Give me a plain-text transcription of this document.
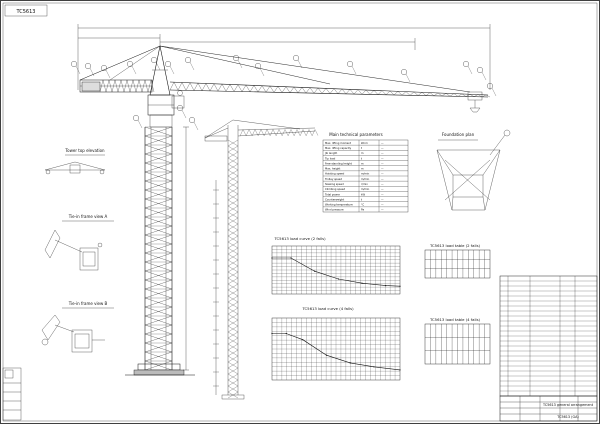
TC5613
Tower top elevation
Tie-in frame view A
Tie-in frame view B
Main technical parameters
Max. lifting moment	kN·m	—
Max. lifting capacity	t	—
Jib length	m	—
Tip load	t	—
Free-standing height	m	—
Max. height	m	—
Hoisting speed	m/min	—
Trolley speed	m/min	—
Slewing speed	r/min	—
Climbing speed	m/min	—
Total power	kW	—
Counterweight	t	—
Working temperature	°C	—
Wind pressure	Pa	—
Foundation plan
TC5613 load curve (2 falls)
TC5613 load curve (4 falls)
TC5613 load table (2 falls)
TC5613 load table (4 falls)
TC5613 general arrangement
TC5613 (GA)
